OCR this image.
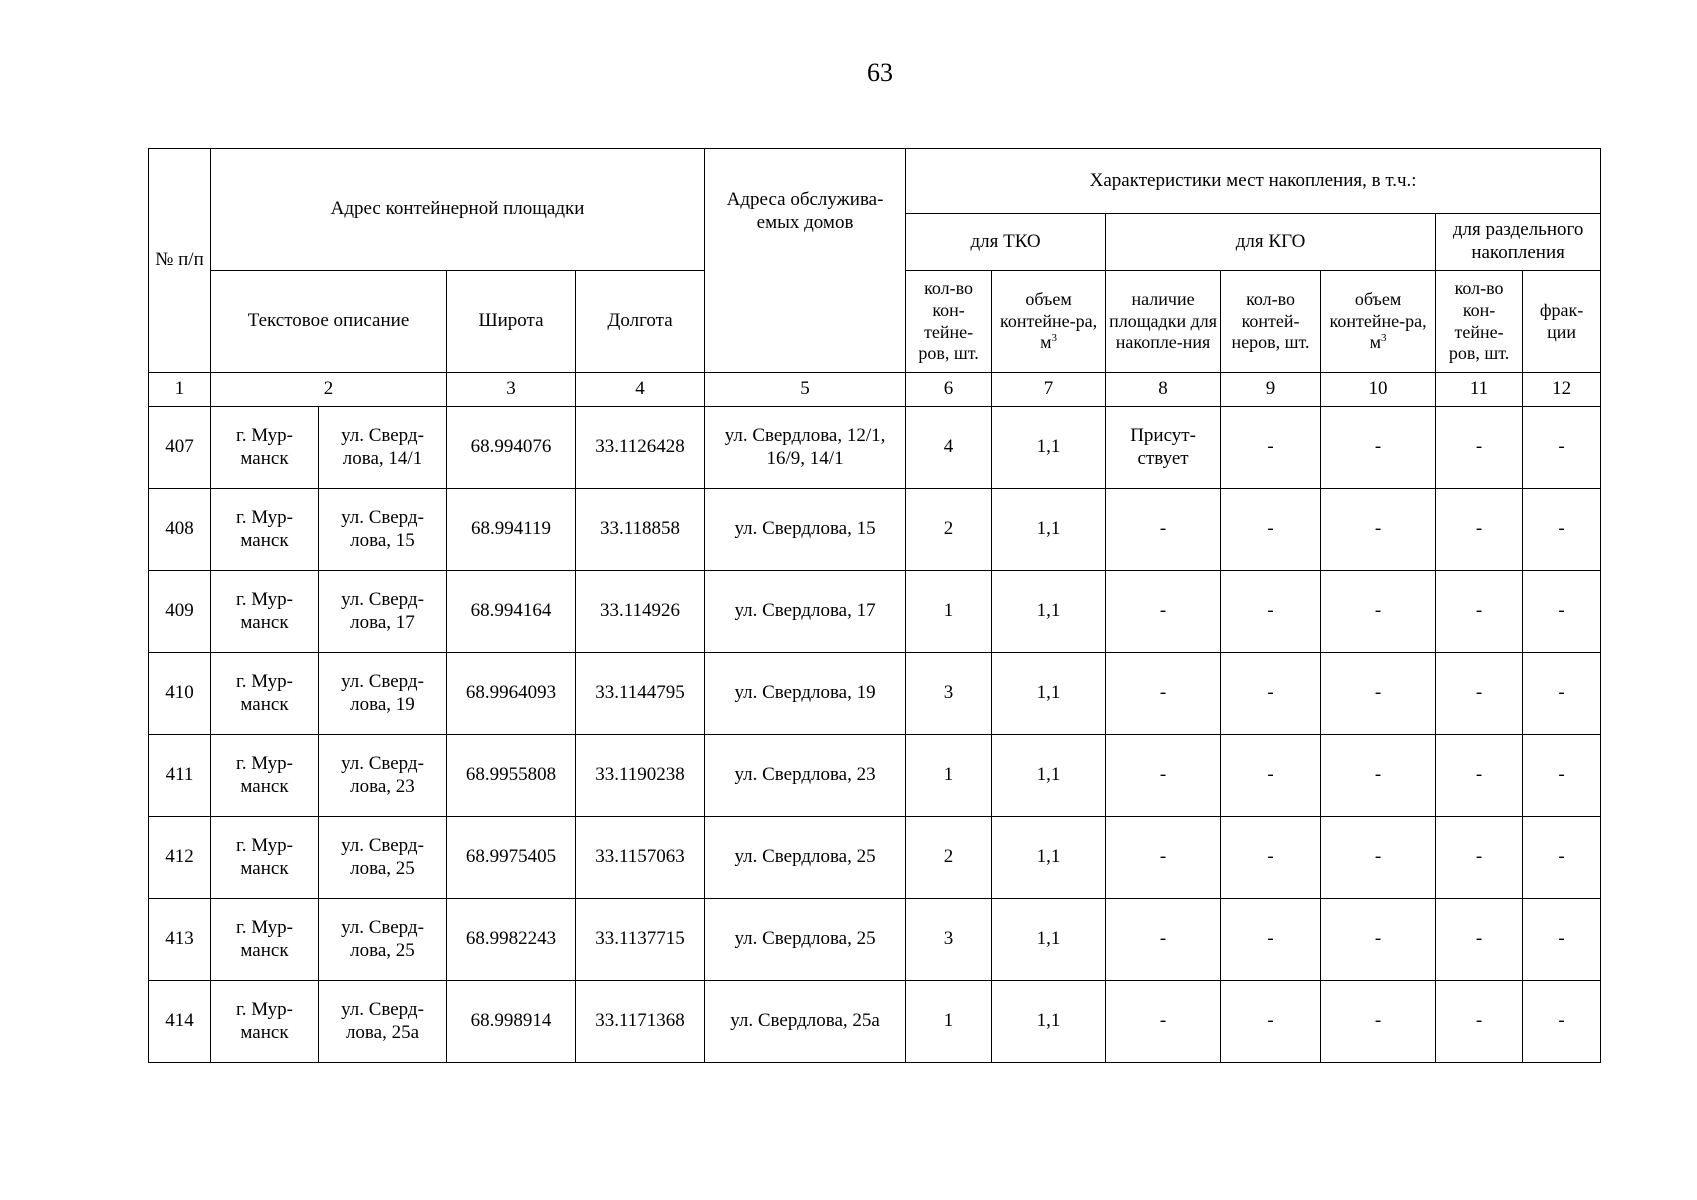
63
№ п/п	Адрес контейнерной площадки				Адреса обслужива-емых домов	Характеристики мест накопления, в т.ч.:						
						для ТКО		для КГО			для раздельного накопления	
						кол-во кон-тейне-ров, шт.	объем контейне-ра, $м^3$	наличие площадки для накопле-ния	кол-во контей-неров, шт.	объем контейне-ра, $м^3$	кол-во кон-тейне-ров, шт.	фрак-ции
	Текстовое описание		Широта	Долгота								
1	2		3	4	5	6	7	8	9	10	11	12
407	г. Мур-манск	ул. Сверд-лова, 14/1	68.994076	33.1126428	ул. Свердлова, 12/1, 16/9, 14/1	4	1,1	Присут-ствует	-	-	-	-
408	г. Мур-манск	ул. Сверд-лова, 15	68.994119	33.118858	ул. Свердлова, 15	2	1,1	-	-	-	-	-
409	г. Мур-манск	ул. Сверд-лова, 17	68.994164	33.114926	ул. Свердлова, 17	1	1,1	-	-	-	-	-
410	г. Мур-манск	ул. Сверд-лова, 19	68.9964093	33.1144795	ул. Свердлова, 19	3	1,1	-	-	-	-	-
411	г. Мур-манск	ул. Сверд-лова, 23	68.9955808	33.1190238	ул. Свердлова, 23	1	1,1	-	-	-	-	-
412	г. Мур-манск	ул. Сверд-лова, 25	68.9975405	33.1157063	ул. Свердлова, 25	2	1,1	-	-	-	-	-
413	г. Мур-манск	ул. Сверд-лова, 25	68.9982243	33.1137715	ул. Свердлова, 25	3	1,1	-	-	-	-	-
414	г. Мур-манск	ул. Сверд-лова, 25а	68.998914	33.1171368	ул. Свердлова, 25а	1	1,1	-	-	-	-	-
